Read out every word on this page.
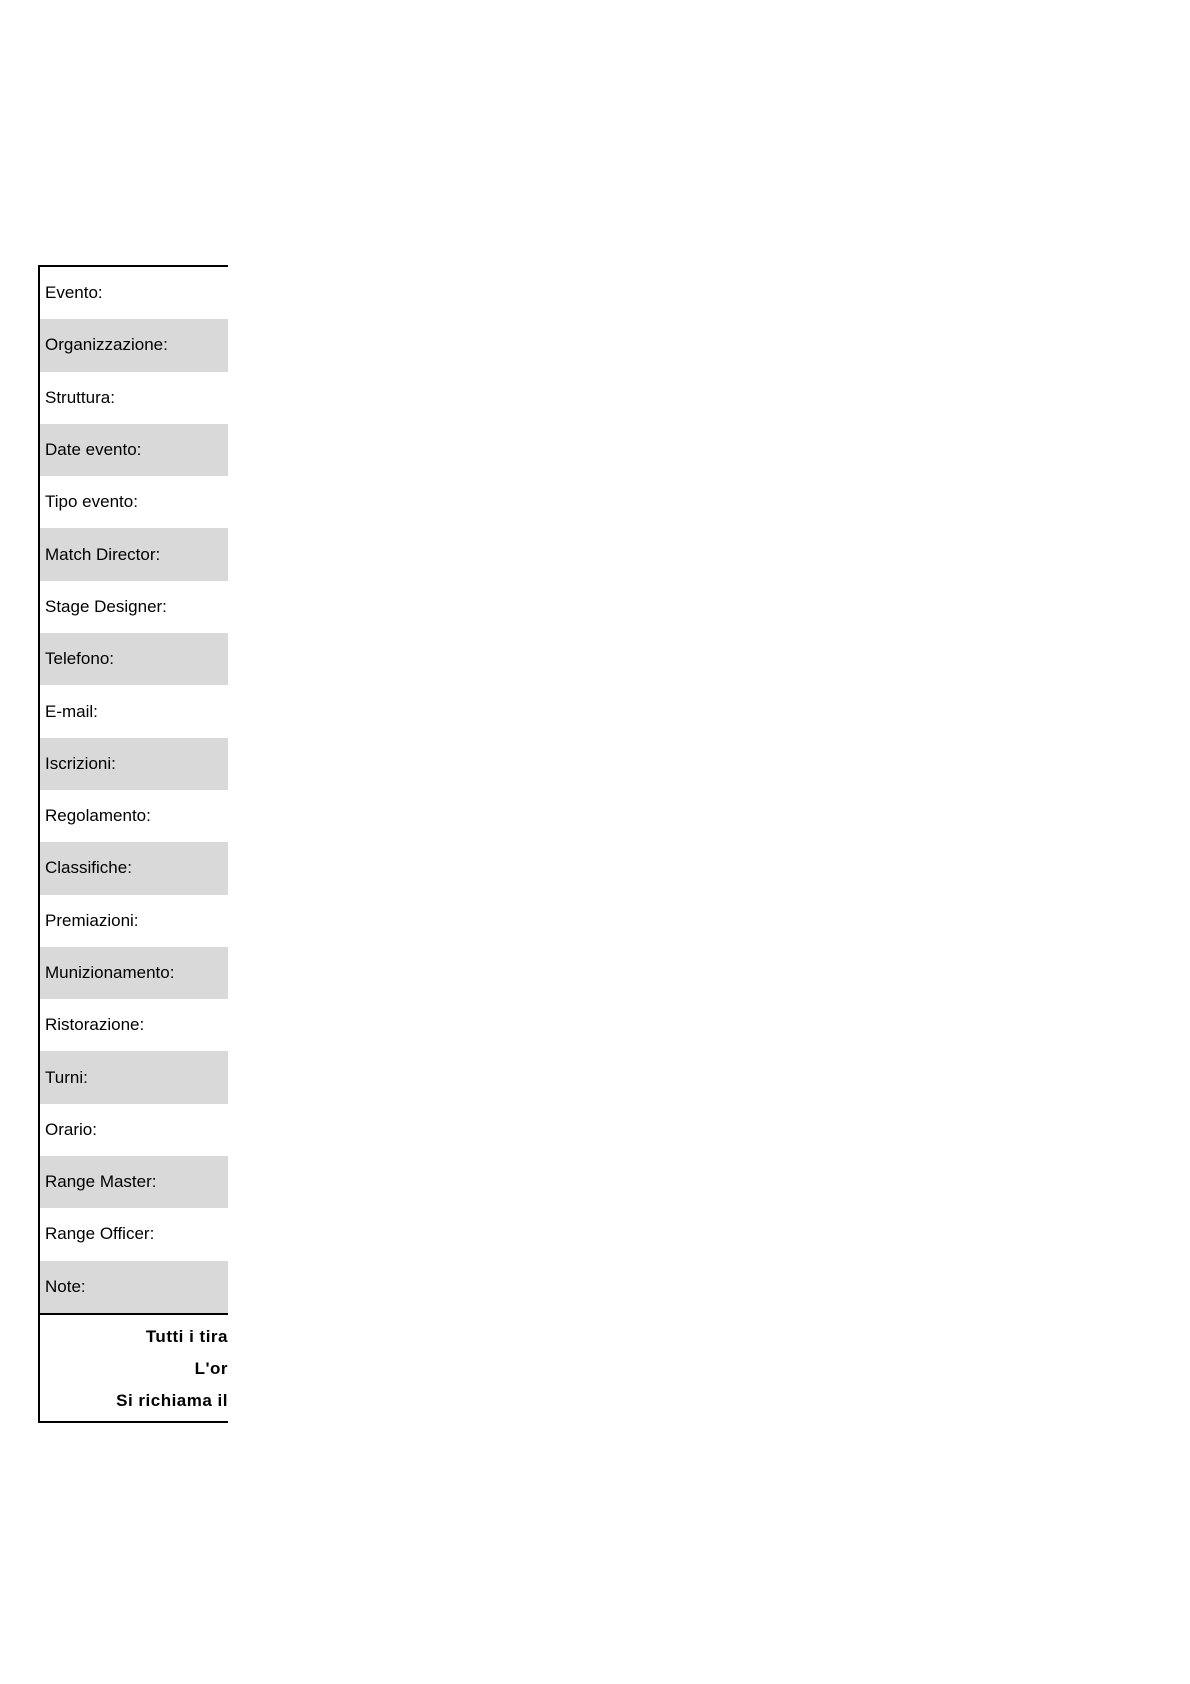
Evento:
Organizzazione:
Struttura:
Date evento:
Tipo evento:
Match Director:
Stage Designer:
Telefono:
E-mail:
Iscrizioni:
Regolamento:
Classifiche:
Premiazioni:
Munizionamento:
Ristorazione:
Turni:
Orario:
Range Master:
Range Officer:
Note:
Tutti i tira
L'or
Si richiama il
